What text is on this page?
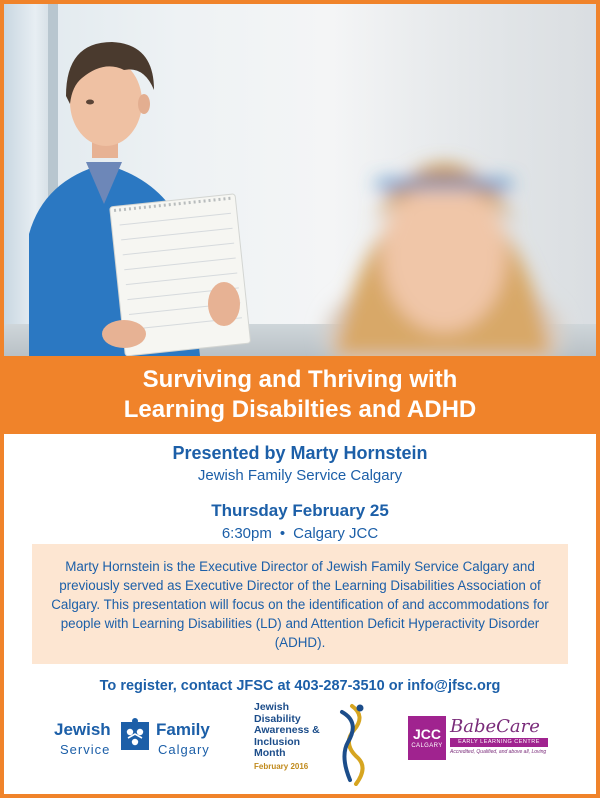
Surviving and Thriving with
Learning Disabilties and ADHD
Presented by Marty Hornstein
Jewish Family Service Calgary
Thursday February 25
6:30pm • Calgary JCC

Marty Hornstein is the Executive Director of Jewish Family Service Calgary and previously served as Executive Director of the Learning Disabilities Association of Calgary. This presentation will focus on the identification of and accommodations for people with Learning Disabilities (LD) and Attention Deficit Hyperactivity Disorder (ADHD).

To register, contact JFSC at 403-287-3510 or info@jfsc.org
Jewish	Family
Service	Calgary
Jewish
Disability
Awareness &
Inclusion
Month
February 2016
JCC
CALGARY
BabeCare
EARLY LEARNING CENTRE
Accredited, Qualified, and above all, Loving
